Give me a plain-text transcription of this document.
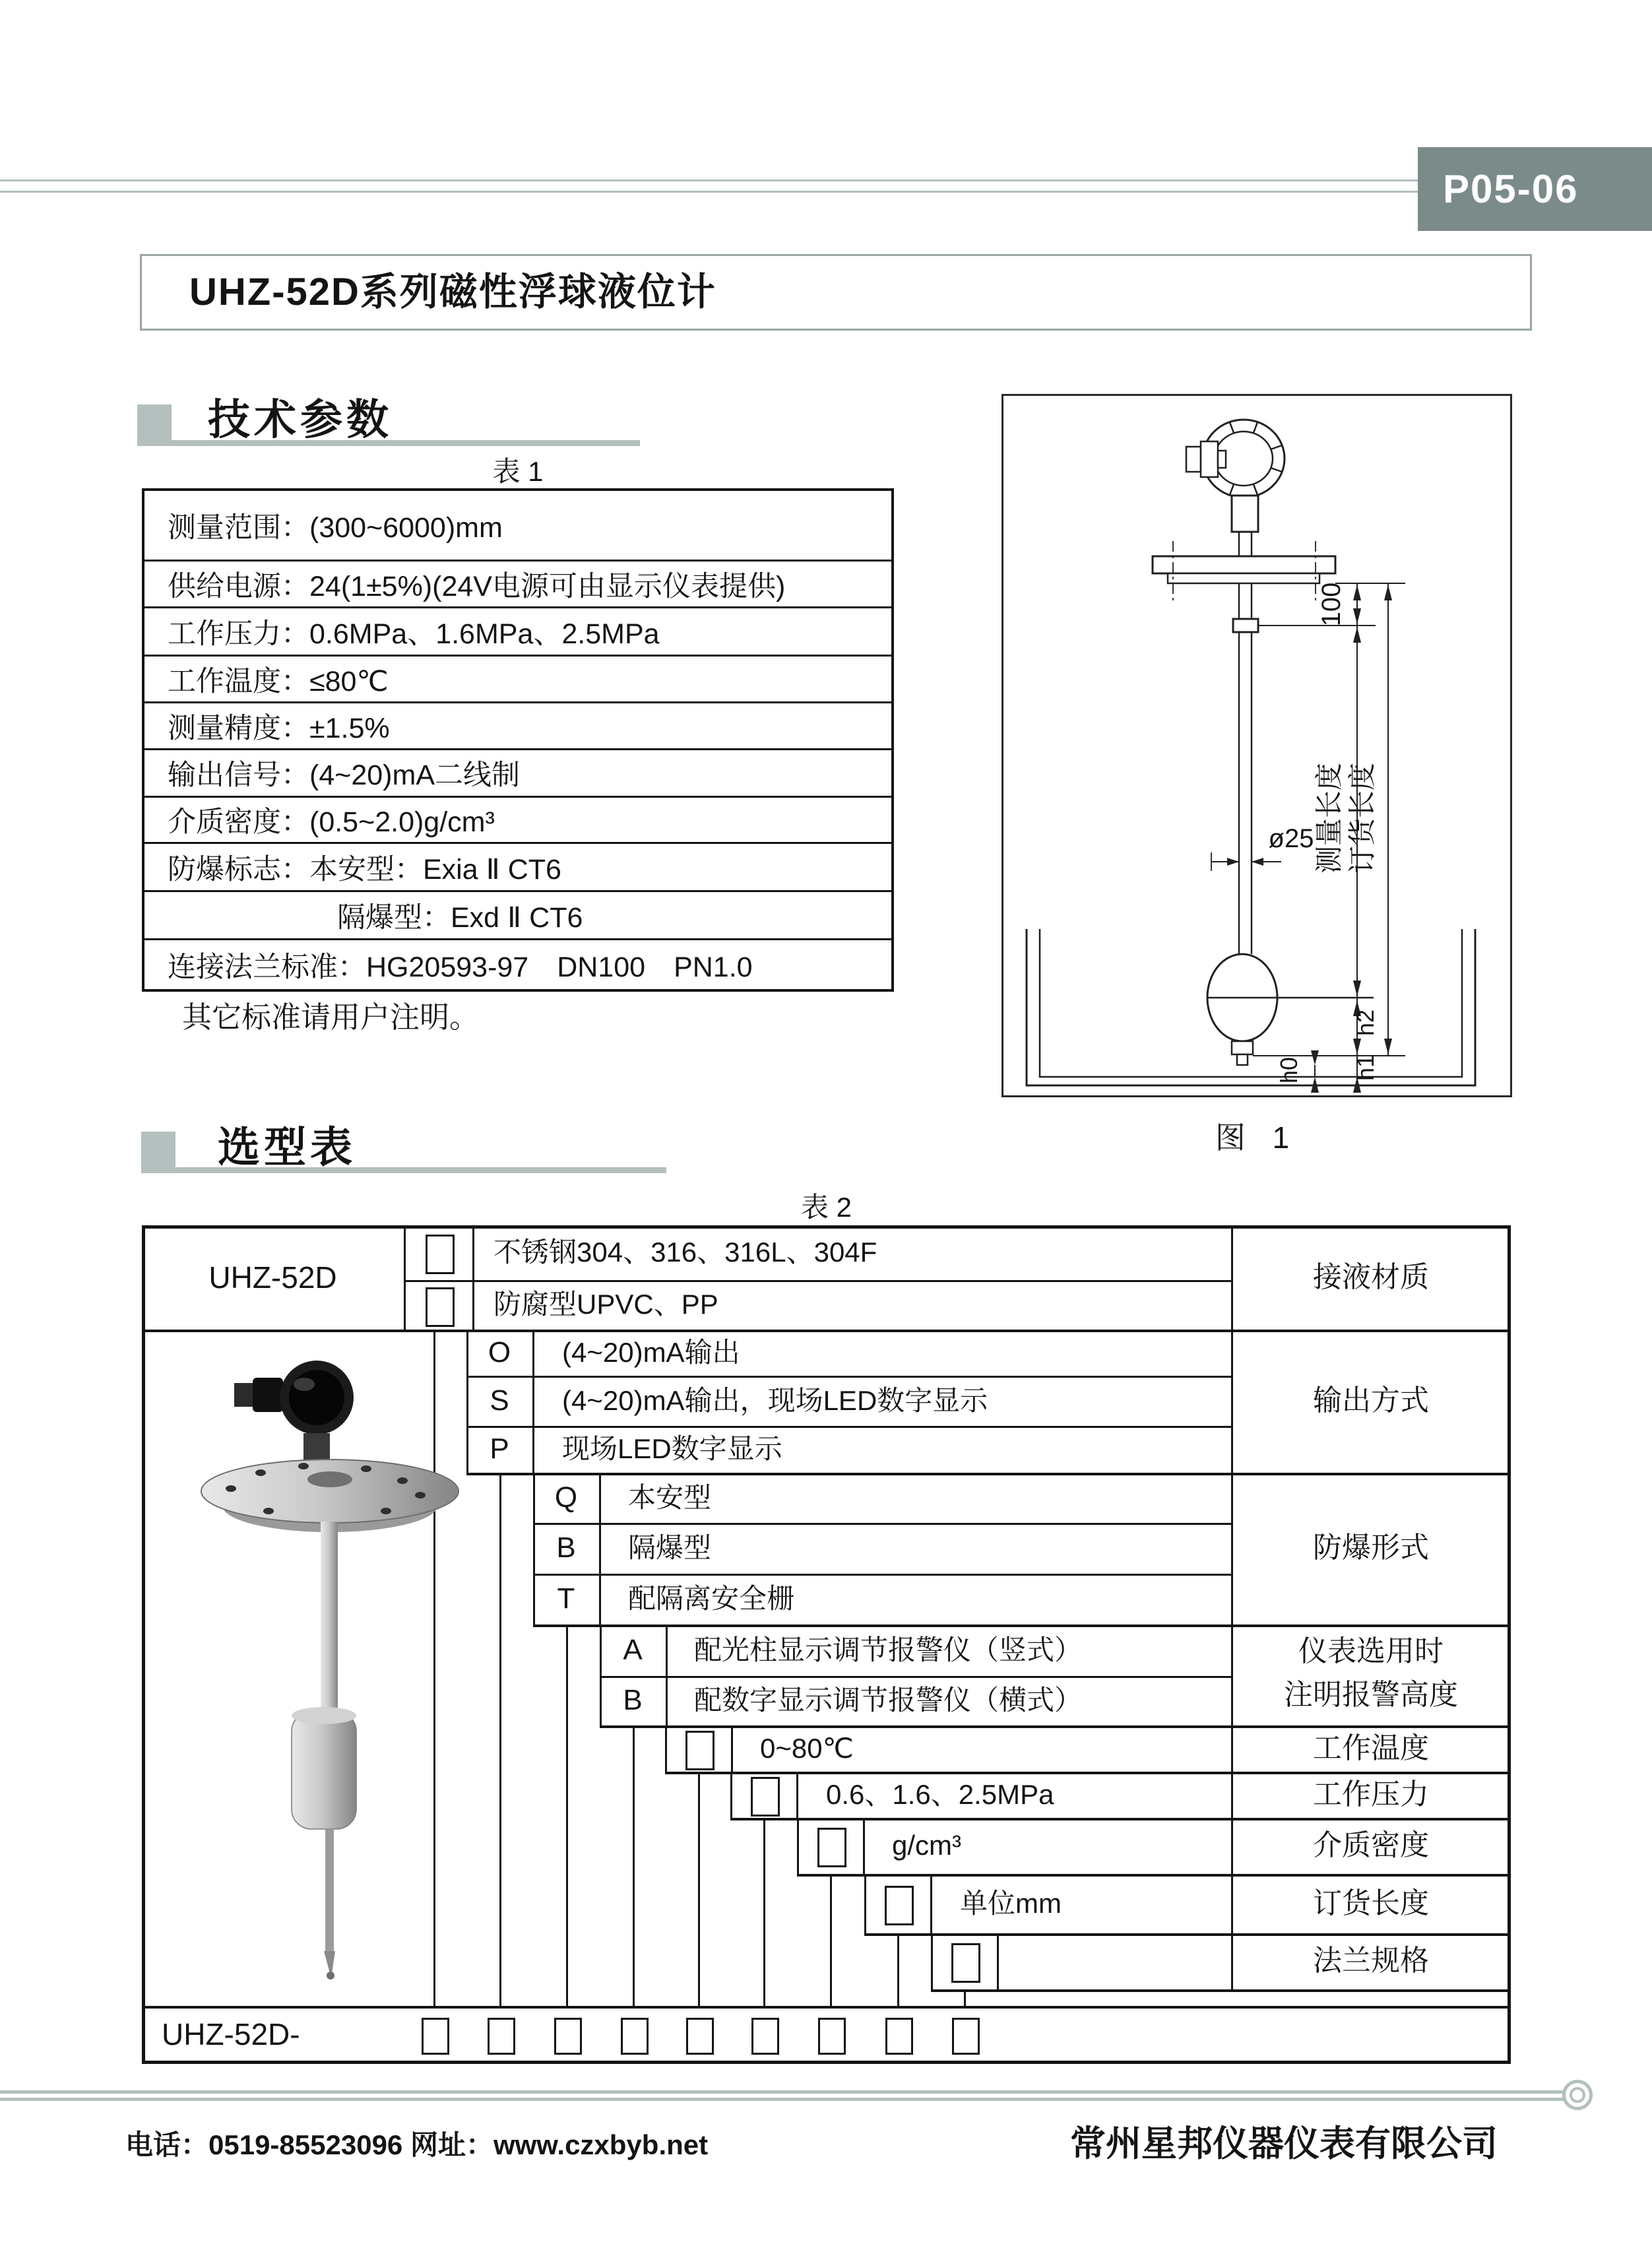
P05-06
UHZ-52D系列磁性浮球液位计
技术参数
表 1
测量范围：(300~6000)mm
供给电源：24(1±5%)(24V电源可由显示仪表提供)
工作压力：0.6MPa、1.6MPa、2.5MPa
工作温度：≤80℃
测量精度：±1.5%
输出信号：(4~20)mA二线制
介质密度：(0.5~2.0)g/cm³
防爆标志：本安型：Exia Ⅱ CT6
隔爆型：Exd Ⅱ CT6
连接法兰标准：HG20593-97　DN100　PN1.0
其它标准请用户注明。
100
ø25 测量长度 订货长度
h2
h0 h1
图 1
选型表
表 2
UHZ-52D
不锈钢304、316、316L、304F
防腐型UPVC、PP
O
S
P
(4~20)mA输出
(4~20)mA输出，现场LED数字显示
现场LED数字显示
Q
B
T
本安型
隔爆型
配隔离安全栅
A
B
配光柱显示调节报警仪（竖式）
配数字显示调节报警仪（横式）
0~80℃
0.6、1.6、2.5MPa
g/cm³
单位mm
接液材质
输出方式
防爆形式
仪表选用时
注明报警高度
工作温度
工作压力
介质密度
订货长度
法兰规格
UHZ-52D-
电话：0519-85523096 网址：www.czxbyb.net	常州星邦仪器仪表有限公司
